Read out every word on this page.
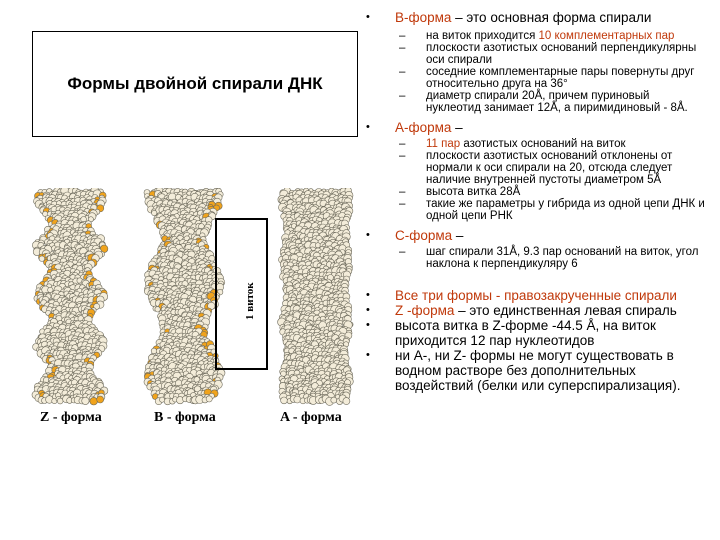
Формы двойной спирали ДНК
1 виток
Z - форма	B - форма	A - форма
• В-форма – это основная форма спирали
– на виток приходится 10 комплементарных пар
– плоскости азотистых оснований перпендикулярны оси спирали
– соседние комплементарные пары повернуты друг относительно друга на 36°
– диаметр спирали 20Å, причем пуриновый нуклеотид занимает 12Å, а пиримидиновый - 8Å.
• А-форма –
– 11 пар азотистых оснований на виток
– плоскости азотистых оснований отклонены от нормали к оси спирали на 20, отсюда следует наличие внутренней пустоты диаметром 5Å
– высота витка 28Å
– такие же параметры у гибрида из одной цепи ДНК и одной цепи РНК
• С-форма –
– шаг спирали 31Å, 9.3 пар оснований на виток, угол наклона к перпендикуляру 6
• Все три формы - правозакрученные спирали
• Z -форма – это единственная левая спираль
• высота витка в Z-форме -44.5 Å, на виток приходится 12 пар нуклеотидов
• ни А-, ни Z- формы не могут существовать в водном растворе без дополнительных воздействий (белки или суперспирализация).
